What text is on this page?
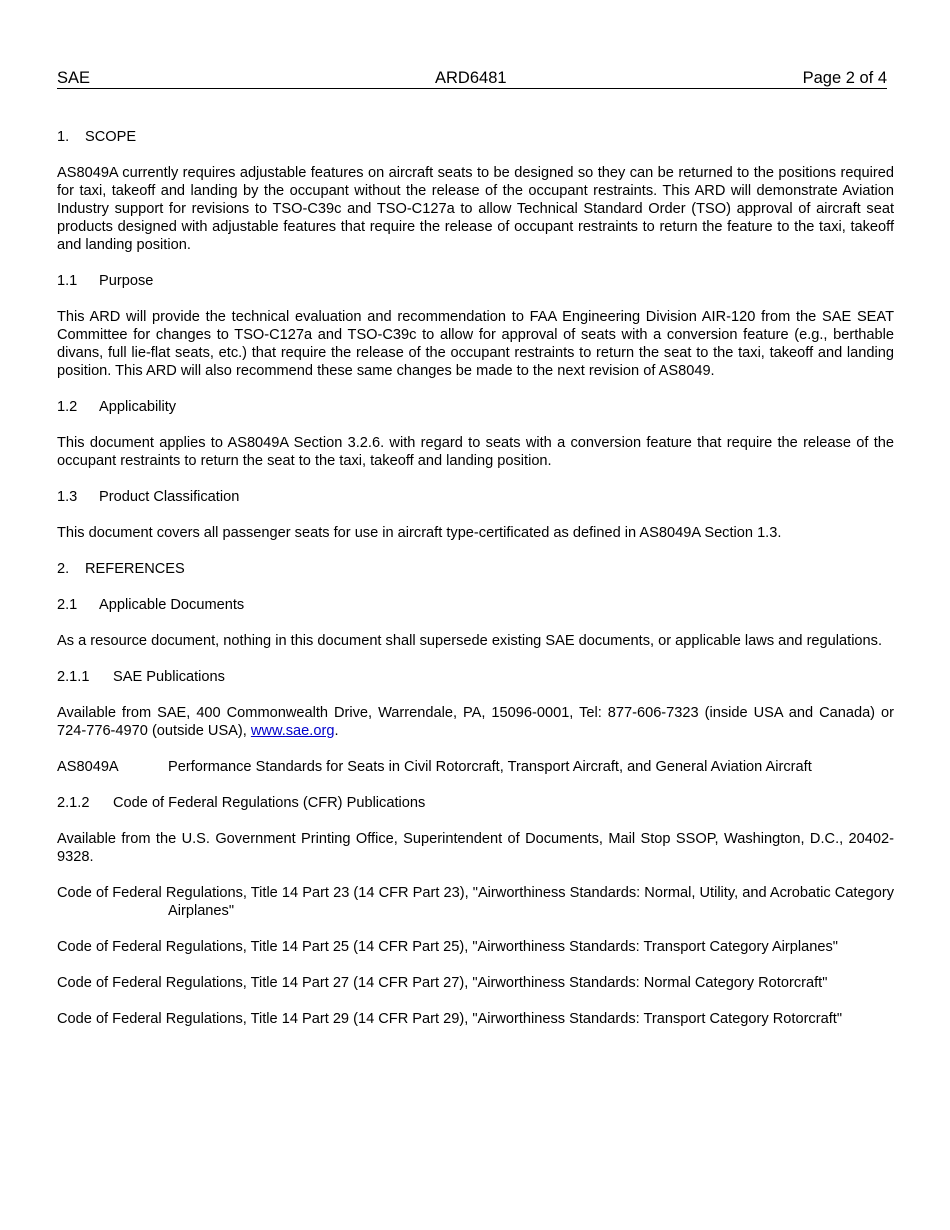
SAE	ARD6481	Page 2 of 4
1. SCOPE
AS8049A currently requires adjustable features on aircraft seats to be designed so they can be returned to the positions required for taxi, takeoff and landing by the occupant without the release of the occupant restraints. This ARD will demonstrate Aviation Industry support for revisions to TSO-C39c and TSO-C127a to allow Technical Standard Order (TSO) approval of aircraft seat products designed with adjustable features that require the release of occupant restraints to return the feature to the taxi, takeoff and landing position.
1.1 Purpose
This ARD will provide the technical evaluation and recommendation to FAA Engineering Division AIR-120 from the SAE SEAT Committee for changes to TSO-C127a and TSO-C39c to allow for approval of seats with a conversion feature (e.g., berthable divans, full lie-flat seats, etc.) that require the release of the occupant restraints to return the seat to the taxi, takeoff and landing position. This ARD will also recommend these same changes be made to the next revision of AS8049.
1.2 Applicability
This document applies to AS8049A Section 3.2.6. with regard to seats with a conversion feature that require the release of the occupant restraints to return the seat to the taxi, takeoff and landing position.
1.3 Product Classification
This document covers all passenger seats for use in aircraft type-certificated as defined in AS8049A Section 1.3.
2. REFERENCES
2.1 Applicable Documents
As a resource document, nothing in this document shall supersede existing SAE documents, or applicable laws and regulations.
2.1.1 SAE Publications
Available from SAE, 400 Commonwealth Drive, Warrendale, PA, 15096-0001, Tel: 877-606-7323 (inside USA and Canada) or 724-776-4970 (outside USA), www.sae.org.
AS8049A	Performance Standards for Seats in Civil Rotorcraft, Transport Aircraft, and General Aviation Aircraft
2.1.2 Code of Federal Regulations (CFR) Publications
Available from the U.S. Government Printing Office, Superintendent of Documents, Mail Stop SSOP, Washington, D.C., 20402-9328.
Code of Federal Regulations, Title 14 Part 23 (14 CFR Part 23), "Airworthiness Standards: Normal, Utility, and Acrobatic Category Airplanes"
Code of Federal Regulations, Title 14 Part 25 (14 CFR Part 25), "Airworthiness Standards: Transport Category Airplanes"
Code of Federal Regulations, Title 14 Part 27 (14 CFR Part 27), "Airworthiness Standards: Normal Category Rotorcraft"
Code of Federal Regulations, Title 14 Part 29 (14 CFR Part 29), "Airworthiness Standards: Transport Category Rotorcraft"
